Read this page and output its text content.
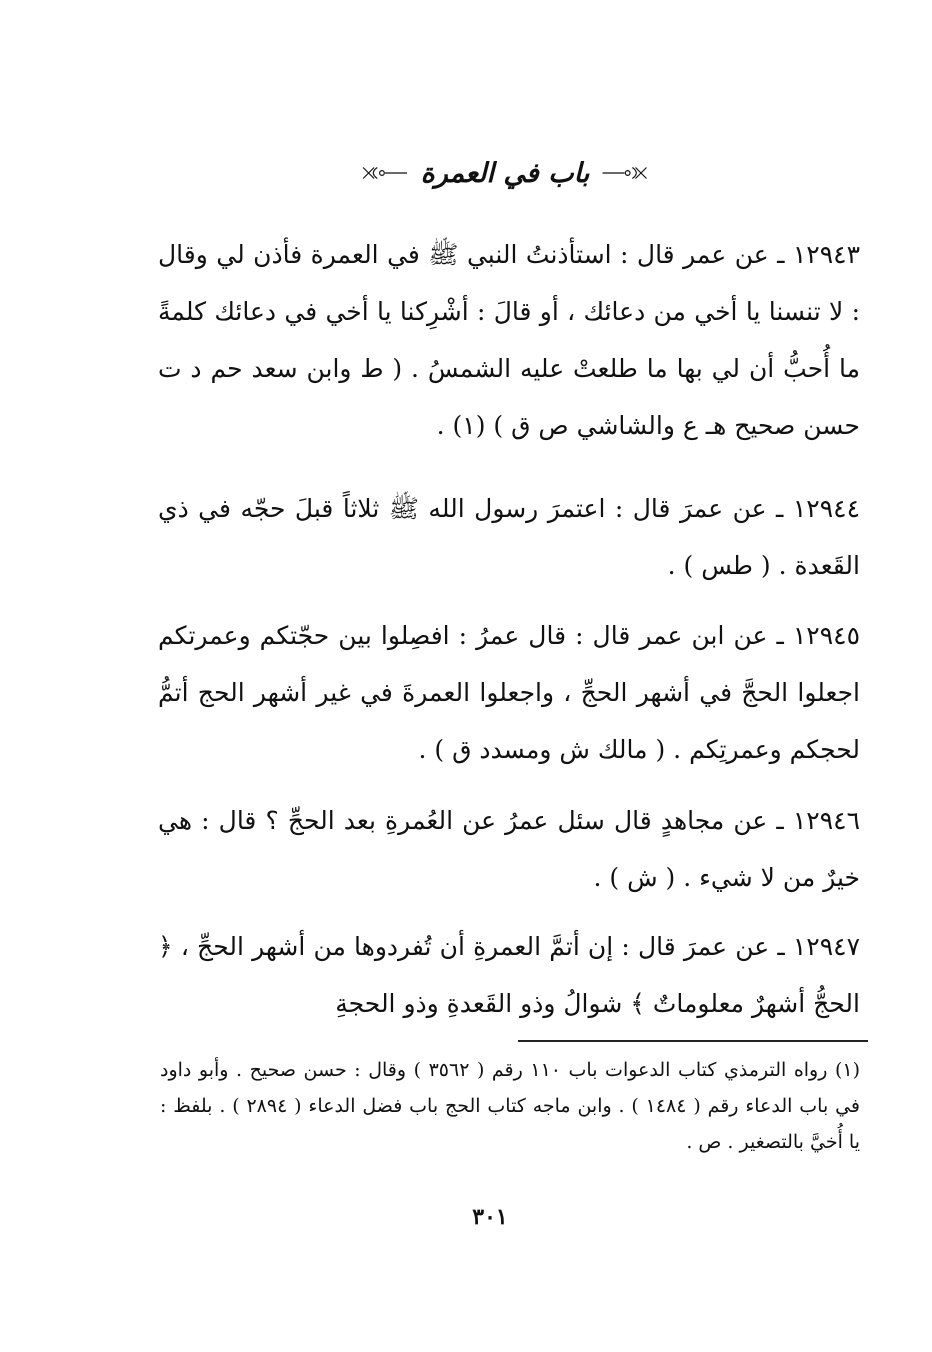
باب في العمرة

١٢٩٤٣ ـ عن عمر قال : استأذنتُ النبي ﷺ في العمرة فأذن لي وقال : لا تنسنا يا أخي من دعائك ، أو قالَ : أشْرِكنا يا أخي في دعائك كلمةً ما أُحبُّ أن لي بها ما طلعتْ عليه الشمسُ . ( ط وابن سعد حم د ت حسن صحيح هـ ع والشاشي ص ق ) (١) .

١٢٩٤٤ ـ عن عمرَ قال : اعتمرَ رسول الله ﷺ ثلاثاً قبلَ حجّه في ذي القَعدة . ( طس ) .

١٢٩٤٥ ـ عن ابن عمر قال : قال عمرُ : افصِلوا بين حجّتكم وعمرتكم اجعلوا الحجَّ في أشهر الحجِّ ، واجعلوا العمرةَ في غير أشهر الحج أتمُّ لحجكم وعمرتِكم . ( مالك ش ومسدد ق ) .

١٢٩٤٦ ـ عن مجاهدٍ قال سئل عمرُ عن العُمرةِ بعد الحجِّ ؟ قال : هي خيرٌ من لا شيء . ( ش ) .

١٢٩٤٧ ـ عن عمرَ قال : إن أتمَّ العمرةِ أن تُفردوها من أشهر الحجِّ ، ﴿ الحجُّ أشهرٌ معلوماتٌ ﴾ شوالُ وذو القَعدةِ وذو الحجةِ

(١) رواه الترمذي كتاب الدعوات باب ١١٠ رقم ( ٣٥٦٢ ) وقال : حسن صحيح . وأبو داود في باب الدعاء رقم ( ١٤٨٤ ) . وابن ماجه كتاب الحج باب فضل الدعاء ( ٢٨٩٤ ) . بلفظ : يا أُخيَّ بالتصغير . ص .

٣٠١
